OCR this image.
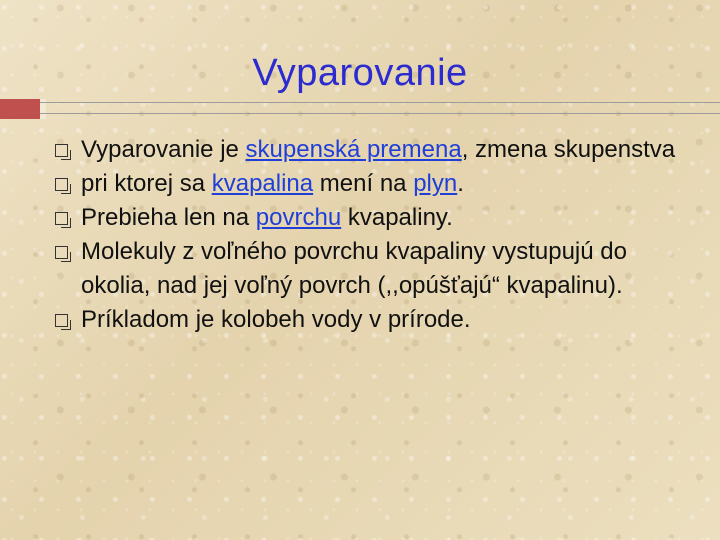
Vyparovanie
Vyparovanie je skupenská premena, zmena skupenstva
pri ktorej sa kvapalina mení na plyn.
Prebieha len na povrchu kvapaliny.
Molekuly z voľného povrchu kvapaliny vystupujú do okolia, nad jej voľný povrch (,,opúšťajú“ kvapalinu).
Príkladom je kolobeh vody v prírode.
